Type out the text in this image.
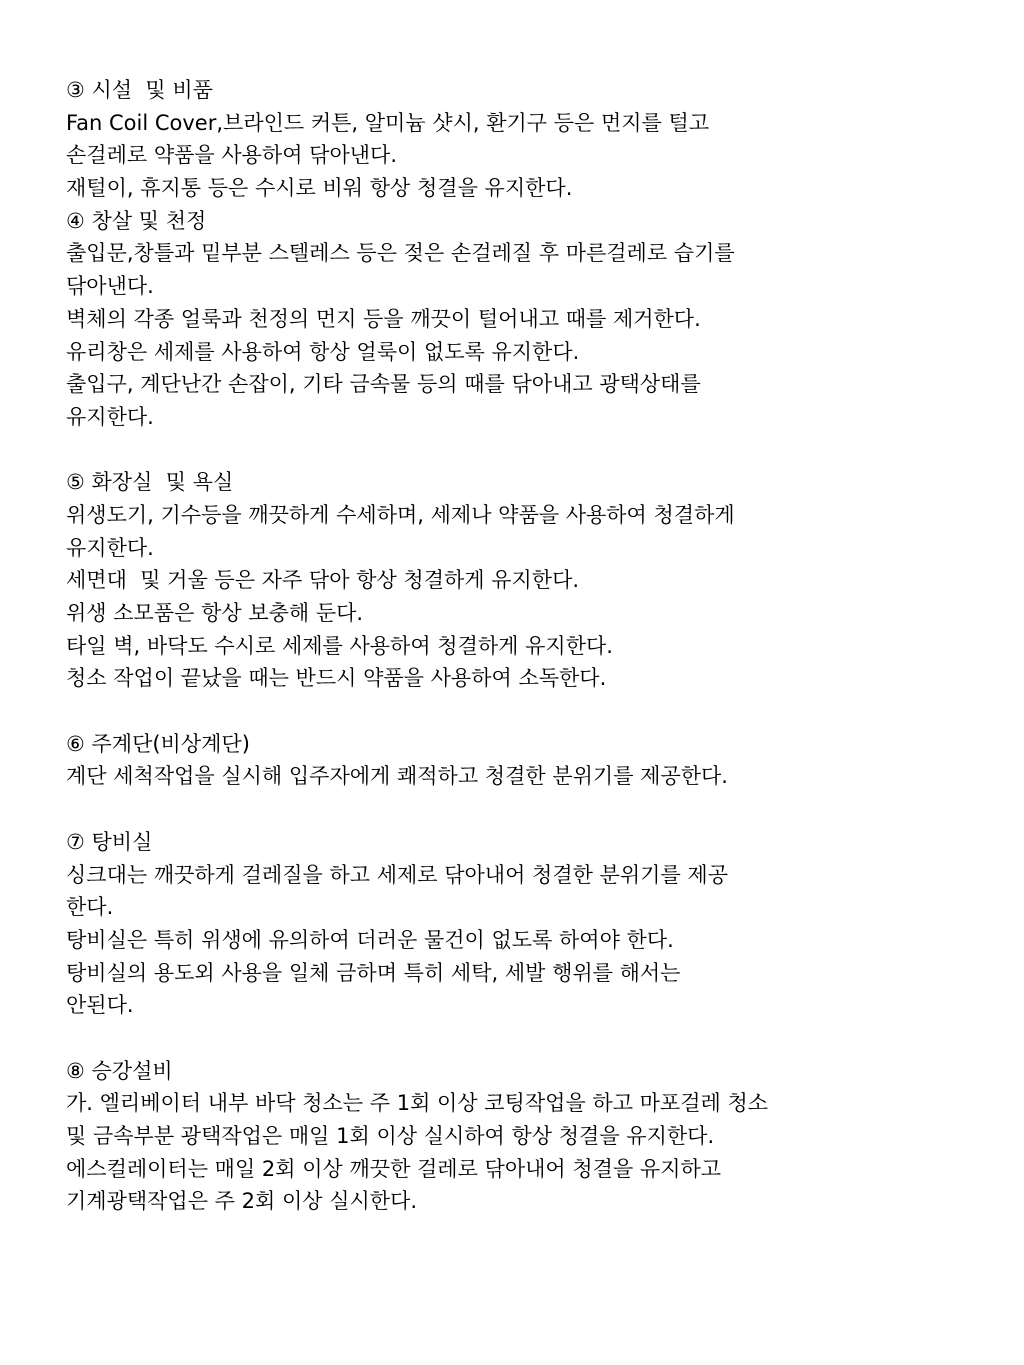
③ 시설  및 비품

Fan Coil Cover,브라인드 커튼, 알미늄 샷시, 환기구 등은 먼지를 털고

손걸레로 약품을 사용하여 닦아낸다.

재털이, 휴지통 등은 수시로 비워 항상 청결을 유지한다.

④ 창살 및 천정

출입문,창틀과 밑부분 스텔레스 등은 젖은 손걸레질 후 마른걸레로 습기를

닦아낸다.

벽체의 각종 얼룩과 천정의 먼지 등을 깨끗이 털어내고 때를 제거한다.

유리창은 세제를 사용하여 항상 얼룩이 없도록 유지한다.

출입구, 계단난간 손잡이, 기타 금속물 등의 때를 닦아내고 광택상태를

유지한다.

⑤ 화장실  및 욕실

위생도기, 기수등을 깨끗하게 수세하며, 세제나 약품을 사용하여 청결하게

유지한다.

세면대  및 거울 등은 자주 닦아 항상 청결하게 유지한다.

위생 소모품은 항상 보충해 둔다.

타일 벽, 바닥도 수시로 세제를 사용하여 청결하게 유지한다.

청소 작업이 끝났을 때는 반드시 약품을 사용하여 소독한다.

⑥ 주계단(비상계단)

계단 세척작업을 실시해 입주자에게 쾌적하고 청결한 분위기를 제공한다.

⑦ 탕비실

싱크대는 깨끗하게 걸레질을 하고 세제로 닦아내어 청결한 분위기를 제공

한다.

탕비실은 특히 위생에 유의하여 더러운 물건이 없도록 하여야 한다.

탕비실의 용도외 사용을 일체 금하며 특히 세탁, 세발 행위를 해서는

안된다.

⑧ 승강설비

가. 엘리베이터 내부 바닥 청소는 주 1회 이상 코팅작업을 하고 마포걸레 청소

및 금속부분 광택작업은 매일 1회 이상 실시하여 항상 청결을 유지한다.

에스컬레이터는 매일 2회 이상 깨끗한 걸레로 닦아내어 청결을 유지하고

기계광택작업은 주 2회 이상 실시한다.
